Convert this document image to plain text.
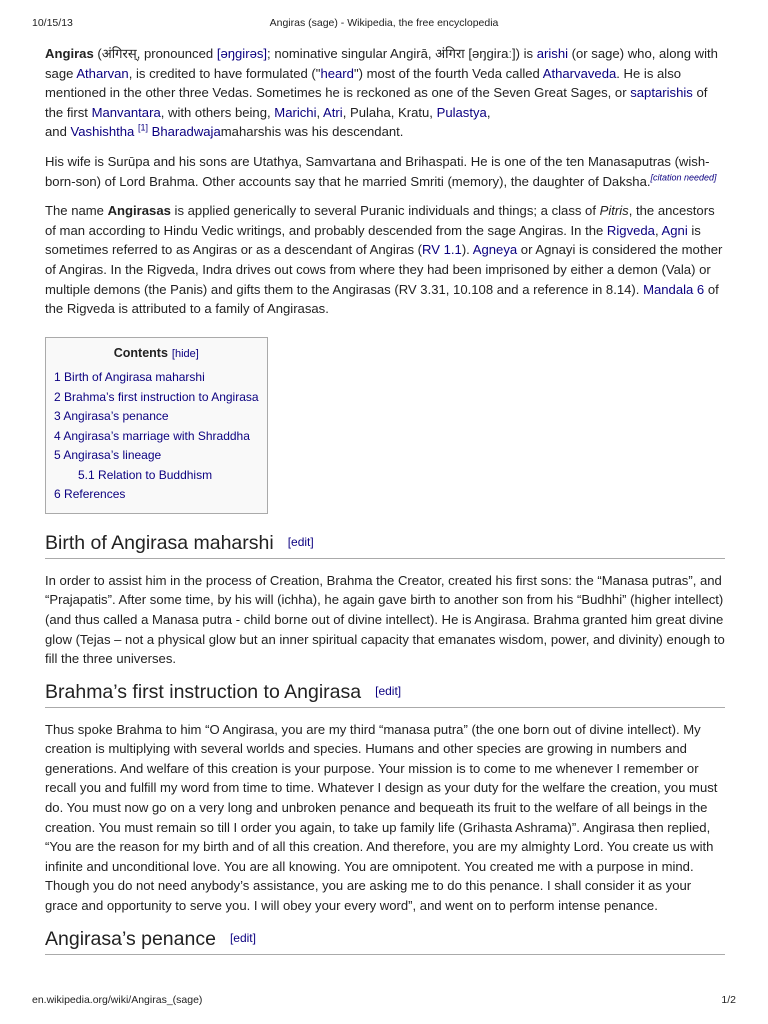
10/15/13	Angiras (sage) - Wikipedia, the free encyclopedia

Angiras (अंगिरस्, pronounced [əŋgirəs]; nominative singular Angirā, अंगिरा [əŋgiraː]) is arishi (or sage) who, along with sage Atharvan, is credited to have formulated ("heard") most of the fourth Veda called Atharvaveda. He is also mentioned in the other three Vedas. Sometimes he is reckoned as one of the Seven Great Sages, or saptarishis of the first Manvantara, with others being, Marichi, Atri, Pulaha, Kratu, Pulastya,
and Vashishtha [1] Bharadwajamaharshis was his descendant.

His wife is Surūpa and his sons are Utathya, Samvartana and Brihaspati. He is one of the ten Manasaputras (wish-born-son) of Lord Brahma. Other accounts say that he married Smriti (memory), the daughter of Daksha.[citation needed]

The name Angirasas is applied generically to several Puranic individuals and things; a class of Pitris, the ancestors of man according to Hindu Vedic writings, and probably descended from the sage Angiras. In the Rigveda, Agni is sometimes referred to as Angiras or as a descendant of Angiras (RV 1.1). Agneya or Agnayi is considered the mother of Angiras. In the Rigveda, Indra drives out cows from where they had been imprisoned by either a demon (Vala) or multiple demons (the Panis) and gifts them to the Angirasas (RV 3.31, 10.108 and a reference in 8.14). Mandala 6 of the Rigveda is attributed to a family of Angirasas.

Contents [hide]
1 Birth of Angirasa maharshi
2 Brahma’s first instruction to Angirasa
3 Angirasa’s penance
4 Angirasa’s marriage with Shraddha
5 Angirasa’s lineage
5.1 Relation to Buddhism
6 References
Birth of Angirasa maharshi [edit]

In order to assist him in the process of Creation, Brahma the Creator, created his first sons: the “Manasa putras”, and “Prajapatis”. After some time, by his will (ichha), he again gave birth to another son from his “Budhhi” (higher intellect) (and thus called a Manasa putra - child borne out of divine intellect). He is Angirasa. Brahma granted him great divine glow (Tejas – not a physical glow but an inner spiritual capacity that emanates wisdom, power, and divinity) enough to fill the three universes.

Brahma’s first instruction to Angirasa [edit]

Thus spoke Brahma to him “O Angirasa, you are my third “manasa putra” (the one born out of divine intellect). My creation is multiplying with several worlds and species. Humans and other species are growing in numbers and generations. And welfare of this creation is your purpose. Your mission is to come to me whenever I remember or recall you and fulfill my word from time to time. Whatever I design as your duty for the welfare the creation, you must do. You must now go on a very long and unbroken penance and bequeath its fruit to the welfare of all beings in the creation. You must remain so till I order you again, to take up family life (Grihasta Ashrama)”. Angirasa then replied, “You are the reason for my birth and of all this creation. And therefore, you are my almighty Lord. You create us with infinite and unconditional love. You are all knowing. You are omnipotent. You created me with a purpose in mind. Though you do not need anybody’s assistance, you are asking me to do this penance. I shall consider it as your grace and opportunity to serve you. I will obey your every word”, and went on to perform intense penance.

Angirasa’s penance [edit]
en.wikipedia.org/wiki/Angiras_(sage)	1/2
